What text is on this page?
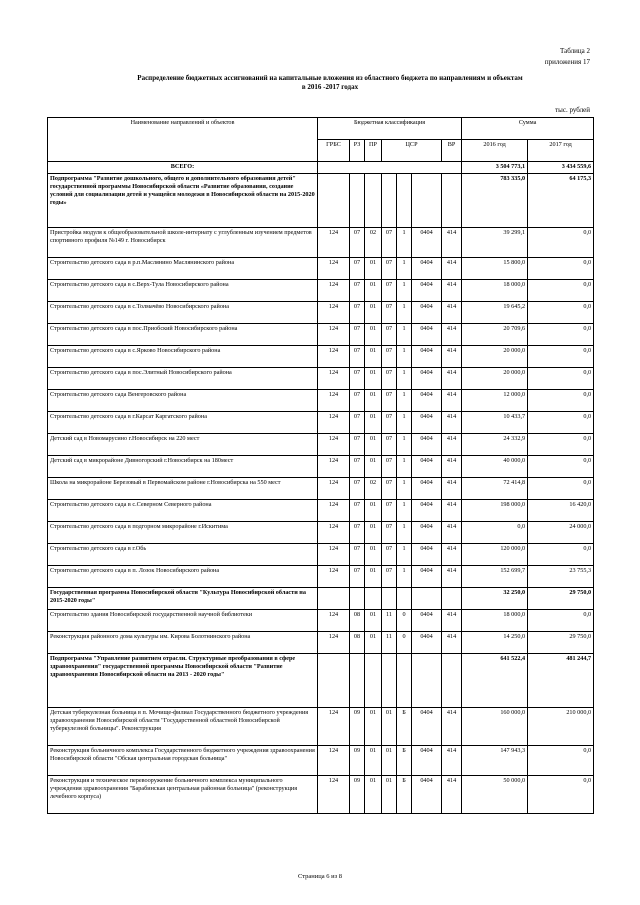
Таблица 2
приложения 17
Распределение бюджетных ассигнований на капитальные вложения из областного бюджета по направлениям и объектам
в 2016 -2017 годах
тыс. рублей
Наименование направлений и объектов	Бюджетная классификация							Сумма	
	ГРБС	РЗ	ПР	ЦСР			ВР	2016 год	2017 год
ВСЕГО:								3 504 773,1	3 434 559,6
Подпрограмма "Развитие дошкольного, общего и дополнительного образования детей" государственной программы Новосибирской области «Развитие образования, создание условий для социализации детей и учащейся молодежи в Новосибирской области на 2015-2020 годы»								783 335,0	64 175,3
Пристройка модуля к общеобразовательной школе-интернату с углубленным изучением предметов спортивного профиля №149 г. Новосибирск	124	07	02	07	1	0404	414	39 299,1	0,0
Строительство детского сада в р.п.Маслянино Маслянинского района	124	07	01	07	1	0404	414	15 800,0	0,0
Строительство детского сада в с.Верх-Тула Новосибирского района	124	07	01	07	1	0404	414	18 000,0	0,0
Строительство детского сада в с.Толмачёво Новосибирского района	124	07	01	07	1	0404	414	19 645,2	0,0
Строительство детского сада в пос.Приобский Новосибирского района	124	07	01	07	1	0404	414	20 709,6	0,0
Строительство детского сада в с.Ярково Новосибирского района	124	07	01	07	1	0404	414	20 000,0	0,0
Строительство детского сада в пос.Элитный Новосибирского района	124	07	01	07	1	0404	414	20 000,0	0,0
Строительство детского сада Венгеровского района	124	07	01	07	1	0404	414	12 000,0	0,0
Строительство детского сада в г.Карсат Каргатского района	124	07	01	07	1	0404	414	10 433,7	0,0
Детский сад в Новомарусино г.Новосибирск на 220 мест	124	07	01	07	1	0404	414	24 332,9	0,0
Детский сад в микрорайоне Дивногорский г.Новосибирск на 180мест	124	07	01	07	1	0404	414	40 000,0	0,0
Школа на микрорайоне Березовый в Первомайском районе г.Новосибирска на 550 мест	124	07	02	07	1	0404	414	72 414,8	0,0
Строительство детского сада в с.Северном Северного района	124	07	01	07	1	0404	414	198 000,0	16 420,0
Строительство детского сада в подгорном микрорайоне г.Искитима	124	07	01	07	1	0404	414	0,0	24 000,0
Строительство детского сада в г.Обь	124	07	01	07	1	0404	414	120 000,0	0,0
Строительство детского сада в п. Лозок Новосибирского района	124	07	01	07	1	0404	414	152 699,7	23 755,3
Государственная программа Новосибирской области "Культура Новосибирской области на 2015-2020 годы"								32 250,0	29 750,0
Строительство здания Новосибирской государственной научной библиотеки	124	08	01	11	0	0404	414	18 000,0	0,0
Реконструкция районного дома культуры им. Кирова Болотнинского района	124	08	01	11	0	0404	414	14 250,0	29 750,0
Подпрограмма "Управление развитием отрасли. Структурные преобразования в сфере здравоохранения" государственной программы Новосибирской области "Развитие здравоохранения Новосибирской области на 2013 - 2020 годы"								641 522,4	481 244,7
Детская туберкулезная больница в п. Мочище-филиал Государственного бюджетного учреждения здравоохранения Новосибирской области "Государственной областной Новосибирской туберкулезной больницы". Реконструкция	124	09	01	01	Б	0404	414	160 000,0	210 000,0
Реконструкция больничного комплекса Государственного бюджетного учреждения здравоохранения Новосибирской области "Обская центральная городская больница"	124	09	01	01	Б	0404	414	147 943,3	0,0
Реконструкция и техническое перевооружение больничного комплекса муниципального учреждения здравоохранения "Барабинская центральная районная больница" (реконструкция лечебного корпуса)	124	09	01	01	Б	0404	414	50 000,0	0,0
Страница 6 из 8
